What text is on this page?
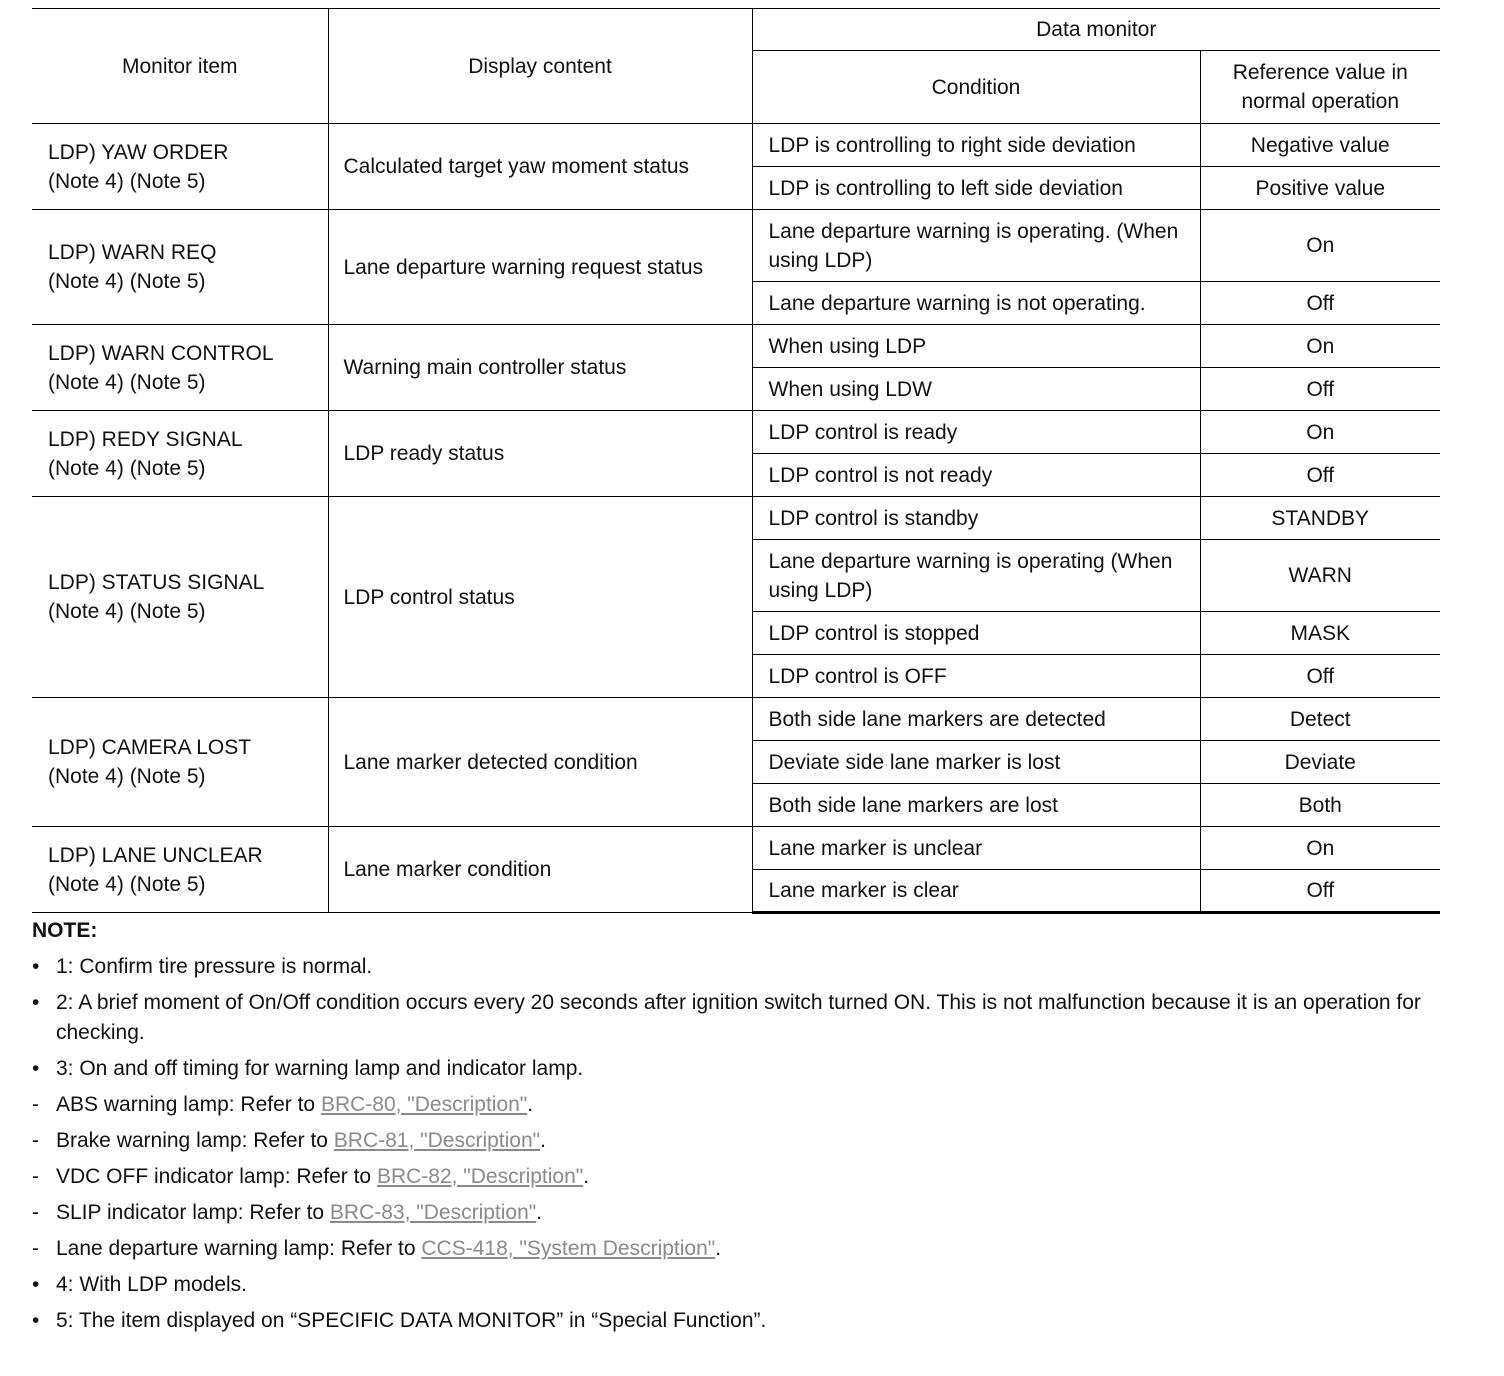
Monitor item	Display content	Data monitor	
		Condition	Reference value in normal operation

LDP) YAW ORDER
(Note 4) (Note 5)	Calculated target yaw moment status	LDP is controlling to right side deviation	Negative value
		LDP is controlling to left side deviation	Positive value

LDP) WARN REQ
(Note 4) (Note 5)	Lane departure warning request status	Lane departure warning is operating. (When using LDP)	On
		Lane departure warning is not operating.	Off

LDP) WARN CONTROL
(Note 4) (Note 5)	Warning main controller status	When using LDP	On
		When using LDW	Off

LDP) REDY SIGNAL
(Note 4) (Note 5)	LDP ready status	LDP control is ready	On
		LDP control is not ready	Off

LDP) STATUS SIGNAL
(Note 4) (Note 5)	LDP control status	LDP control is standby	STANDBY
		Lane departure warning is operating (When using LDP)	WARN
		LDP control is stopped	MASK
		LDP control is OFF	Off

LDP) CAMERA LOST
(Note 4) (Note 5)	Lane marker detected condition	Both side lane markers are detected	Detect
		Deviate side lane marker is lost	Deviate
		Both side lane markers are lost	Both

LDP) LANE UNCLEAR
(Note 4) (Note 5)	Lane marker condition	Lane marker is unclear	On
		Lane marker is clear	Off
NOTE:
• 1: Confirm tire pressure is normal.
• 2: A brief moment of On/Off condition occurs every 20 seconds after ignition switch turned ON. This is not malfunction because it is an operation for checking.
• 3: On and off timing for warning lamp and indicator lamp.
- ABS warning lamp: Refer to BRC-80, "Description".
- Brake warning lamp: Refer to BRC-81, "Description".
- VDC OFF indicator lamp: Refer to BRC-82, "Description".
- SLIP indicator lamp: Refer to BRC-83, "Description".
- Lane departure warning lamp: Refer to CCS-418, "System Description".
• 4: With LDP models.
• 5: The item displayed on “SPECIFIC DATA MONITOR” in “Special Function”.
